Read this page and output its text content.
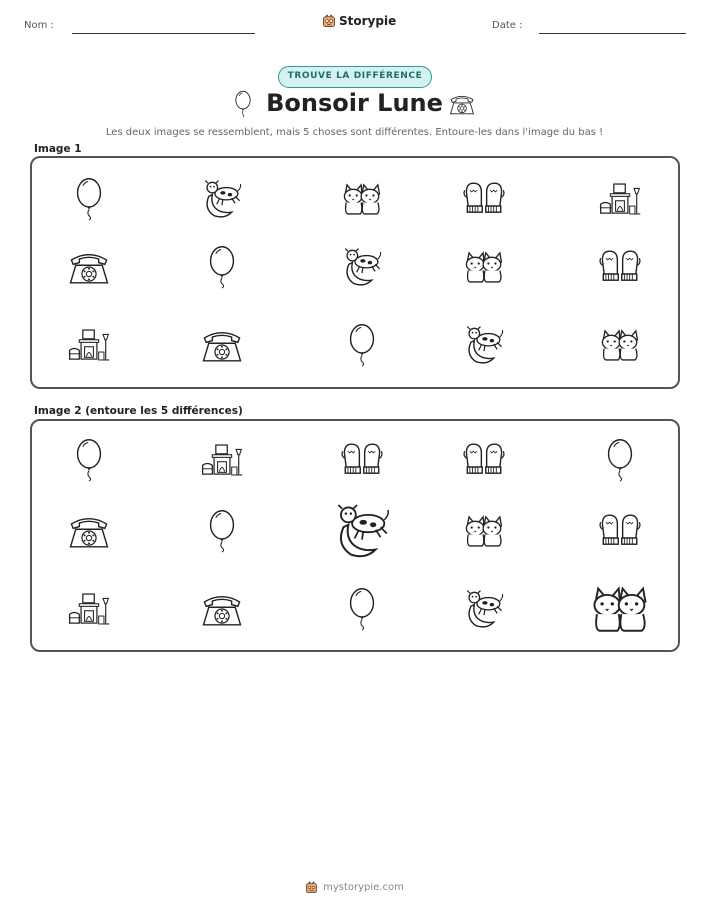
Nom :	Storypie	Date :
TROUVE LA DIFFÉRENCE
Bonsoir Lune
Les deux images se ressemblent, mais 5 choses sont différentes. Entoure-les dans l'image du bas !
Image 1
Image 2 (entoure les 5 différences)
mystorypie.com
